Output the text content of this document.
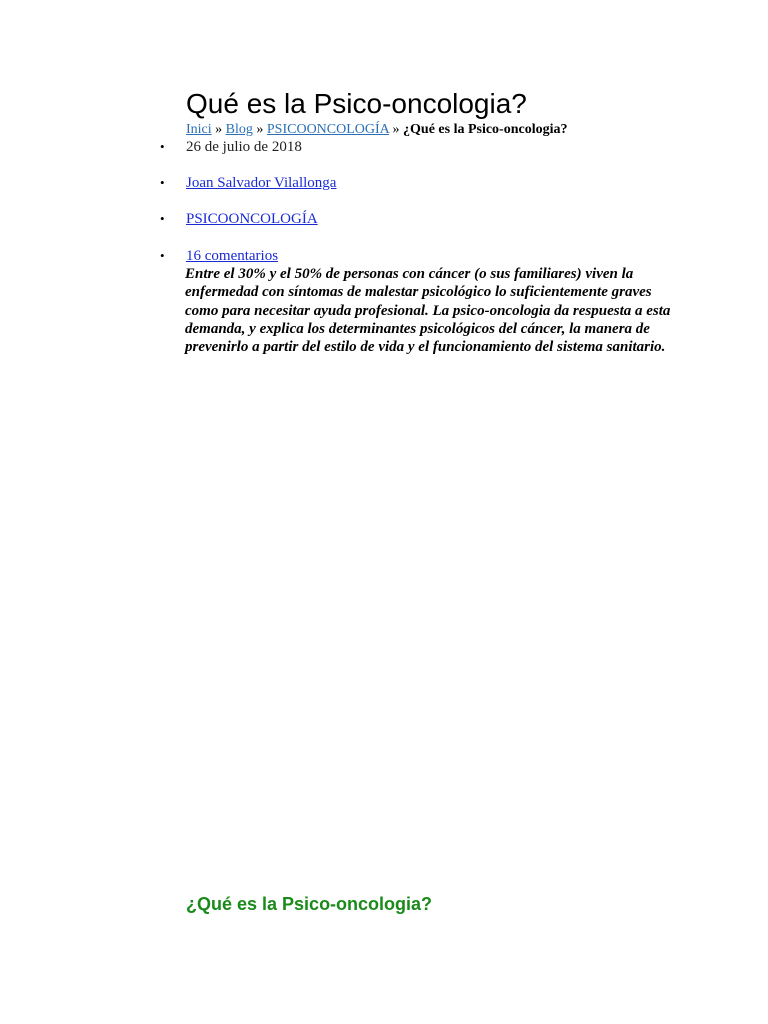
Qué es la Psico-oncologia?
Inici » Blog » PSICOONCOLOGÍA » ¿Qué es la Psico-oncologia?
• 26 de julio de 2018
• Joan Salvador Vilallonga
• PSICOONCOLOGÍA
• 16 comentarios

Entre el 30% y el 50% de personas con cáncer (o sus familiares) viven la enfermedad con síntomas de malestar psicológico lo suficientemente graves como para necesitar ayuda profesional. La psico-oncologia da respuesta a esta demanda, y explica los determinantes psicológicos del cáncer, la manera de prevenirlo a partir del estilo de vida y el funcionamiento del sistema sanitario.

¿Qué es la Psico-oncologia?
